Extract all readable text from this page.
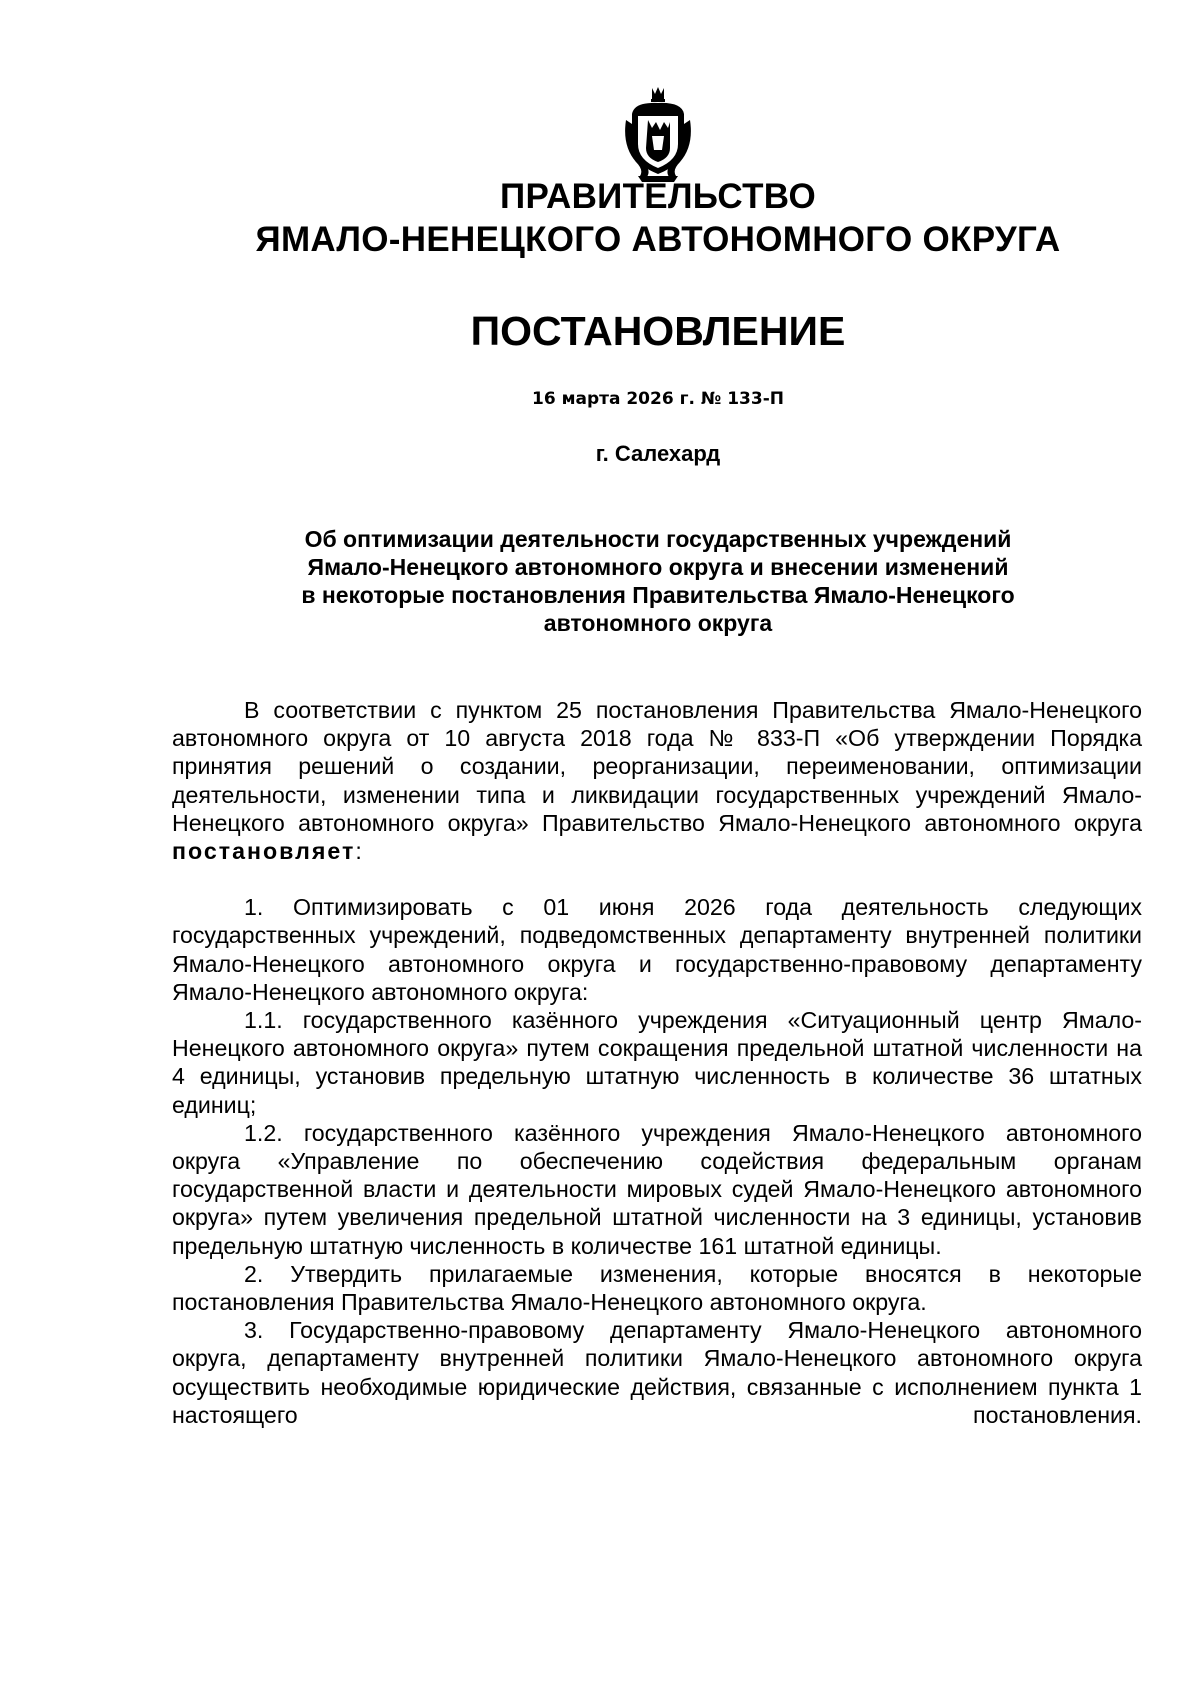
ПРАВИТЕЛЬСТВО
ЯМАЛО-НЕНЕЦКОГО АВТОНОМНОГО ОКРУГА
ПОСТАНОВЛЕНИЕ
16 марта 2026 г. № 133-П
г. Салехард
Об оптимизации деятельности государственных учреждений
Ямало-Ненецкого автономного округа и внесении изменений
в некоторые постановления Правительства Ямало-Ненецкого
автономного округа

В соответствии с пунктом 25 постановления Правительства Ямало-Ненецкого автономного округа от 10 августа 2018 года № 833-П «Об утверждении Порядка принятия решений о создании, реорганизации, переименовании, оптимизации деятельности, изменении типа и ликвидации государственных учреждений Ямало-Ненецкого автономного округа» Правительство Ямало-Ненецкого автономного округа постановляет:

1. Оптимизировать с 01 июня 2026 года деятельность следующих государственных учреждений, подведомственных департаменту внутренней политики Ямало-Ненецкого автономного округа и государственно-правовому департаменту Ямало-Ненецкого автономного округа:

1.1. государственного казённого учреждения «Ситуационный центр Ямало-Ненецкого автономного округа» путем сокращения предельной штатной численности на 4 единицы, установив предельную штатную численность в количестве 36 штатных единиц;

1.2. государственного казённого учреждения Ямало-Ненецкого автономного округа «Управление по обеспечению содействия федеральным органам государственной власти и деятельности мировых судей Ямало-Ненецкого автономного округа» путем увеличения предельной штатной численности на 3 единицы, установив предельную штатную численность в количестве 161 штатной единицы.

2. Утвердить прилагаемые изменения, которые вносятся в некоторые постановления Правительства Ямало-Ненецкого автономного округа.

3. Государственно-правовому департаменту Ямало-Ненецкого автономного округа, департаменту внутренней политики Ямало-Ненецкого автономного округа осуществить необходимые юридические действия, связанные с исполнением пункта 1 настоящего постановления.
